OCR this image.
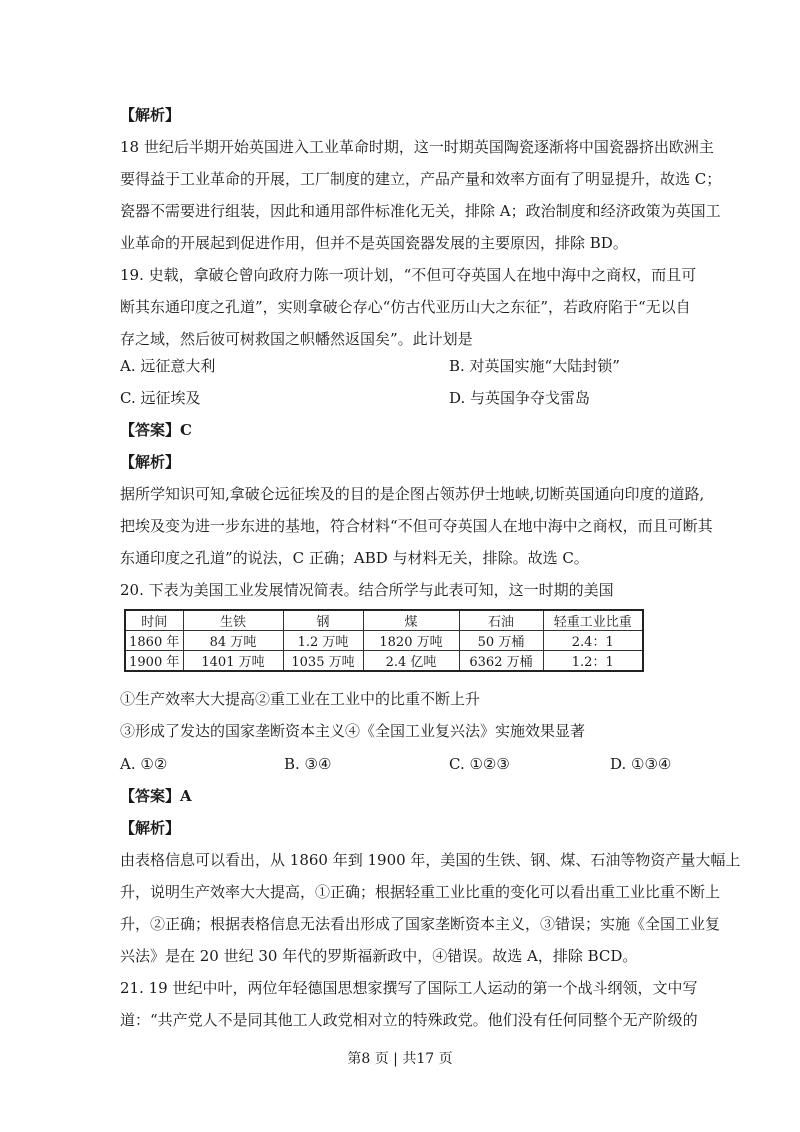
【解析】
18 世纪后半期开始英国进入工业革命时期，这一时期英国陶瓷逐渐将中国瓷器挤出欧洲主
要得益于工业革命的开展，工厂制度的建立，产品产量和效率方面有了明显提升，故选 C；
瓷器不需要进行组装，因此和通用部件标准化无关，排除 A；政治制度和经济政策为英国工
业革命的开展起到促进作用，但并不是英国瓷器发展的主要原因，排除 BD。
19. 史载，拿破仑曾向政府力陈一项计划，“不但可夺英国人在地中海中之商权，而且可
断其东通印度之孔道”，实则拿破仑存心“仿古代亚历山大之东征”，若政府陷于“无以自
存之域，然后彼可树救国之帜幡然返国矣”。此计划是
A. 远征意大利	B. 对英国实施“大陆封锁”
C. 远征埃及	D. 与英国争夺戈雷岛
【答案】C
【解析】
据所学知识可知,拿破仑远征埃及的目的是企图占领苏伊士地峡,切断英国通向印度的道路,
把埃及变为进一步东进的基地，符合材料“不但可夺英国人在地中海中之商权，而且可断其
东通印度之孔道”的说法，C 正确；ABD 与材料无关，排除。故选 C。
20. 下表为美国工业发展情况简表。结合所学与此表可知，这一时期的美国
时间	生铁	钢	煤	石油	轻重工业比重
1860 年	84 万吨	1.2 万吨	1820 万吨	50 万桶	2.4：1
1900 年	1401 万吨	1035 万吨	2.4 亿吨	6362 万桶	1.2：1
①生产效率大大提高②重工业在工业中的比重不断上升
③形成了发达的国家垄断资本主义④《全国工业复兴法》实施效果显著
A. ①②	B. ③④	C. ①②③	D. ①③④
【答案】A
【解析】
由表格信息可以看出，从 1860 年到 1900 年，美国的生铁、钢、煤、石油等物资产量大幅上
升，说明生产效率大大提高，①正确；根据轻重工业比重的变化可以看出重工业比重不断上
升，②正确；根据表格信息无法看出形成了国家垄断资本主义，③错误；实施《全国工业复
兴法》是在 20 世纪 30 年代的罗斯福新政中，④错误。故选 A，排除 BCD。
21. 19 世纪中叶，两位年轻德国思想家撰写了国际工人运动的第一个战斗纲领，文中写
道：“共产党人不是同其他工人政党相对立的特殊政党。他们没有任何同整个无产阶级的
第8 页 | 共17 页
